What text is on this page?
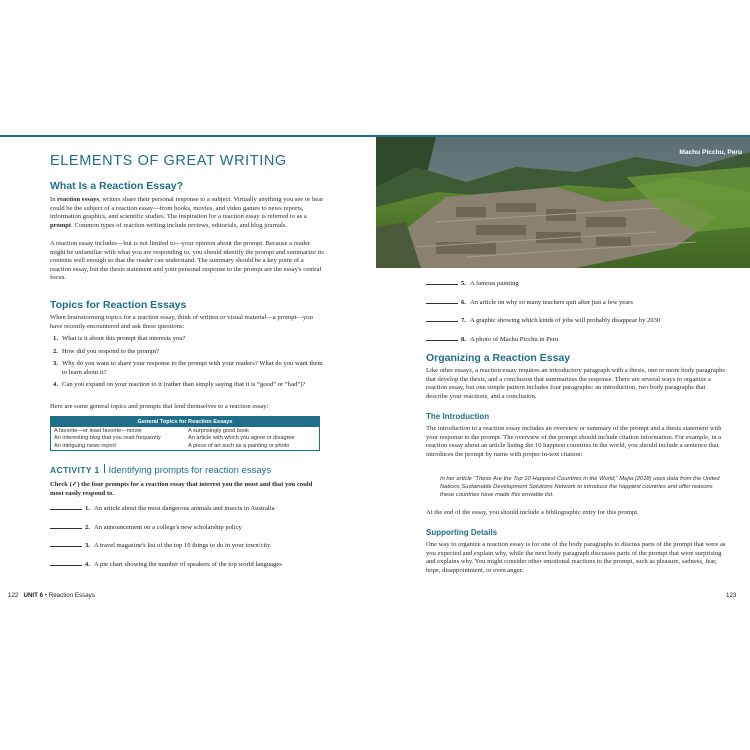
ELEMENTS OF GREAT WRITING
What Is a Reaction Essay?

In reaction essays, writers share their personal response to a subject. Virtually anything you see or hear could be the subject of a reaction essay—from books, movies, and video games to news reports, information graphics, and scientific studies. The inspiration for a reaction essay is referred to as a prompt. Common types of reaction writing include reviews, editorials, and blog journals.

A reaction essay includes—but is not limited to—your opinion about the prompt. Because a reader might be unfamiliar with what you are responding to, you should identify the prompt and summarize its contents well enough so that the reader can understand. The summary should be a key point of a reaction essay, but the thesis statement and your personal response to the prompt are the essay's central focus.

Topics for Reaction Essays

When brainstorming topics for a reaction essay, think of written or visual material—a prompt—you have recently encountered and ask these questions:

1. What is it about this prompt that interests you?
2. How did you respond to the prompt?
3. Why do you want to share your response to the prompt with your readers? What do you want them to learn about it?
4. Can you expand on your reaction to it (rather than simply saying that it is “good” or “bad”)?

Here are some general topics and prompts that lend themselves to a reaction essay:

General Topics for Reaction Essays	
A favorite—or least favorite—movie	A surprisingly good book
An interesting blog that you read frequently	An article with which you agree or disagree
An intriguing news report	A piece of art such as a painting or photo
ACTIVITY 1 Identifying prompts for reaction essays

Check (✓) the four prompts for a reaction essay that interest you the most and that you could most easily respond to.

1. An article about the most dangerous animals and insects in Australia
2. An announcement on a college's new scholarship policy
3. A travel magazine's list of the top 10 things to do in your town/city
4. A pie chart showing the number of speakers of the top world languages
122 UNIT 6 • Reaction Essays
Machu Picchu, Peru
5. A famous painting
6. An article on why so many teachers quit after just a few years
7. A graphic showing which kinds of jobs will probably disappear by 2030
8. A photo of Machu Picchu in Peru
Organizing a Reaction Essay

Like other essays, a reaction essay requires an introductory paragraph with a thesis, one or more body paragraphs that develop the thesis, and a conclusion that summarizes the response. There are several ways to organize a reaction essay, but one simple pattern includes four paragraphs: an introduction, two body paragraphs that describe your reactions, and a conclusion.

The Introduction

The introduction to a reaction essay includes an overview or summary of the prompt and a thesis statement with your response to the prompt. The overview of the prompt should include citation information. For example, in a reaction essay about an article listing the 10 happiest countries in the world, you should include a sentence that introduces the prompt by name with proper in-text citation:

In her article “These Are the Top 10 Happiest Countries in the World,” Mejia (2018) uses data from the United Nations Sustainable Development Solutions Network to introduce the happiest countries and offer reasons these countries have made this enviable list.

At the end of the essay, you should include a bibliographic entry for this prompt.

Supporting Details

One way to organize a reaction essay is for one of the body paragraphs to discuss parts of the prompt that were as you expected and explain why, while the next body paragraph discusses parts of the prompt that were surprising and explains why. You might consider other emotional reactions to the prompt, such as pleasure, sadness, fear, hope, disappointment, or even anger.

123
